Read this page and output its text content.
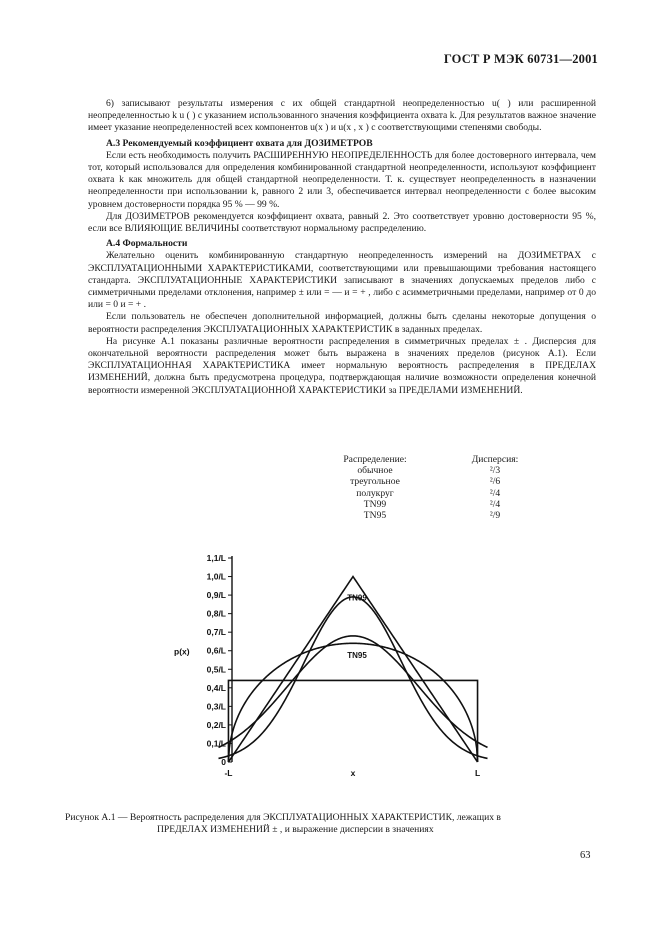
ГОСТ Р МЭК 60731—2001

6) записывают результаты измерения с их общей стандартной неопределенностью u( ) или расширенной неопределенностью k u ( ) с указанием использованного значения коэффициента охвата k. Для результатов важное значение имеет указание неопределенностей всех компонентов u(x ) и u(x , x ) с соответствующими степенями свободы.

А.3 Рекомендуемый коэффициент охвата для ДОЗИМЕТРОВ

Если есть необходимость получить РАСШИРЕННУЮ НЕОПРЕДЕЛЕННОСТЬ для более достоверного интервала, чем тот, который использовался для определения комбинированной стандартной неопределенности, используют коэффициент охвата k как множитель для общей стандартной неопределенности. Т. к. существует неопределенность в назначении неопределенности при использовании k, равного 2 или 3, обеспечивается интервал неопределенности с более высоким уровнем достоверности порядка 95 % — 99 %.

Для ДОЗИМЕТРОВ рекомендуется коэффициент охвата, равный 2. Это соответствует уровню достоверности 95 %, если все ВЛИЯЮЩИЕ ВЕЛИЧИНЫ соответствуют нормальному распределению.

А.4 Формальности

Желательно оценить комбинированную стандартную неопределенность измерений на ДОЗИМЕТРАХ с ЭКСПЛУАТАЦИОННЫМИ ХАРАКТЕРИСТИКАМИ, соответствующими или превышающими требования настоящего стандарта. ЭКСПЛУАТАЦИОННЫЕ ХАРАКТЕРИСТИКИ записывают в значениях допускаемых пределов либо с симметричными пределами отклонения, например ± или = — и = + , либо с асимметричными пределами, например от 0 до или = 0 и = + .

Если пользователь не обеспечен дополнительной информацией, должны быть сделаны некоторые допущения о вероятности распределения ЭКСПЛУАТАЦИОННЫХ ХАРАКТЕРИСТИК в заданных пределах.

На рисунке А.1 показаны различные вероятности распределения в симметричных пределах ± . Дисперсия для окончательной вероятности распределения может быть выражена в значениях пределов (рисунок А.1). Если ЭКСПЛУАТАЦИОННАЯ ХАРАКТЕРИСТИКА имеет нормальную вероятность распределения в ПРЕДЕЛАХ ИЗМЕНЕНИЙ, должна быть предусмотрена процедура, подтверждающая наличие возможности определения конечной вероятности измеренной ЭКСПЛУАТАЦИОННОЙ ХАРАКТЕРИСТИКИ за ПРЕДЕЛАМИ ИЗМЕНЕНИЙ.

Распределение:	Дисперсия:
обычное	²/3
треугольное	²/6
полукруг	²/4
TN99	²/4
TN95	²/9
1,1/L
1,0/L
0,9/L
0,8/L
0,7/L
0,6/L
0,5/L
0,4/L
0,3/L
0,2/L
0,1/L
0
p(x)
-L	x	L
TN99
TN95

Рисунок А.1 — Вероятность распределения для ЭКСПЛУАТАЦИОННЫХ ХАРАКТЕРИСТИК, лежащих в

ПРЕДЕЛАХ ИЗМЕНЕНИЙ ± , и выражение дисперсии в значениях

63
